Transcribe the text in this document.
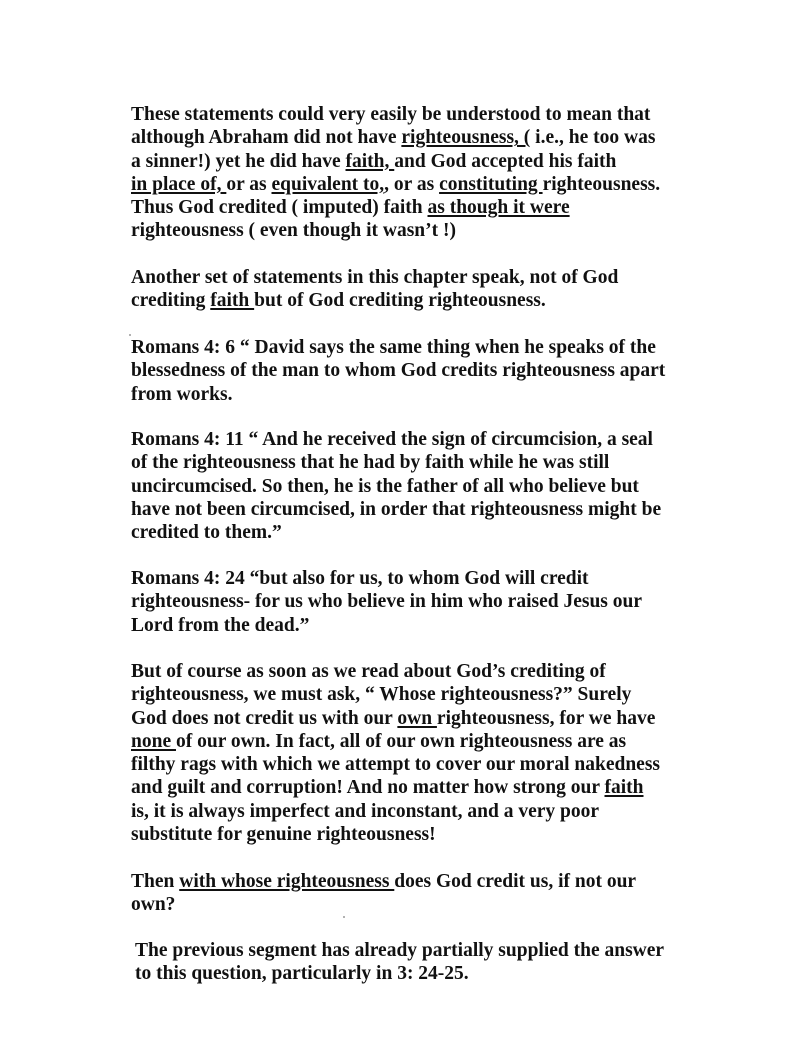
These statements could very easily be understood to mean that
although Abraham did not have righteousness, ( i.e., he too was
a sinner!) yet he did have faith, and God accepted his faith
in place of, or as equivalent to,, or as constituting righteousness.
Thus God credited ( imputed) faith as though it were
righteousness ( even though it wasn’t !)

Another set of statements in this chapter speak, not of God
crediting faith but of God crediting righteousness.

Romans 4: 6 “ David says the same thing when he speaks of the
blessedness of the man to whom God credits righteousness apart
from works.

Romans 4: 11 “ And he received the sign of circumcision, a seal
of the righteousness that he had by faith while he was still
uncircumcised. So then, he is the father of all who believe but
have not been circumcised, in order that righteousness might be
credited to them.”

Romans 4: 24 “but also for us, to whom God will credit
righteousness- for us who believe in him who raised Jesus our
Lord from the dead.”

But of course as soon as we read about God’s crediting of
righteousness, we must ask, “ Whose righteousness?” Surely
God does not credit us with our own righteousness, for we have
none of our own. In fact, all of our own righteousness are as
filthy rags with which we attempt to cover our moral nakedness
and guilt and corruption! And no matter how strong our faith
is, it is always imperfect and inconstant, and a very poor
substitute for genuine righteousness!

Then with whose righteousness does God credit us, if not our
own?

The previous segment has already partially supplied the answer
to this question, particularly in 3: 24-25.
